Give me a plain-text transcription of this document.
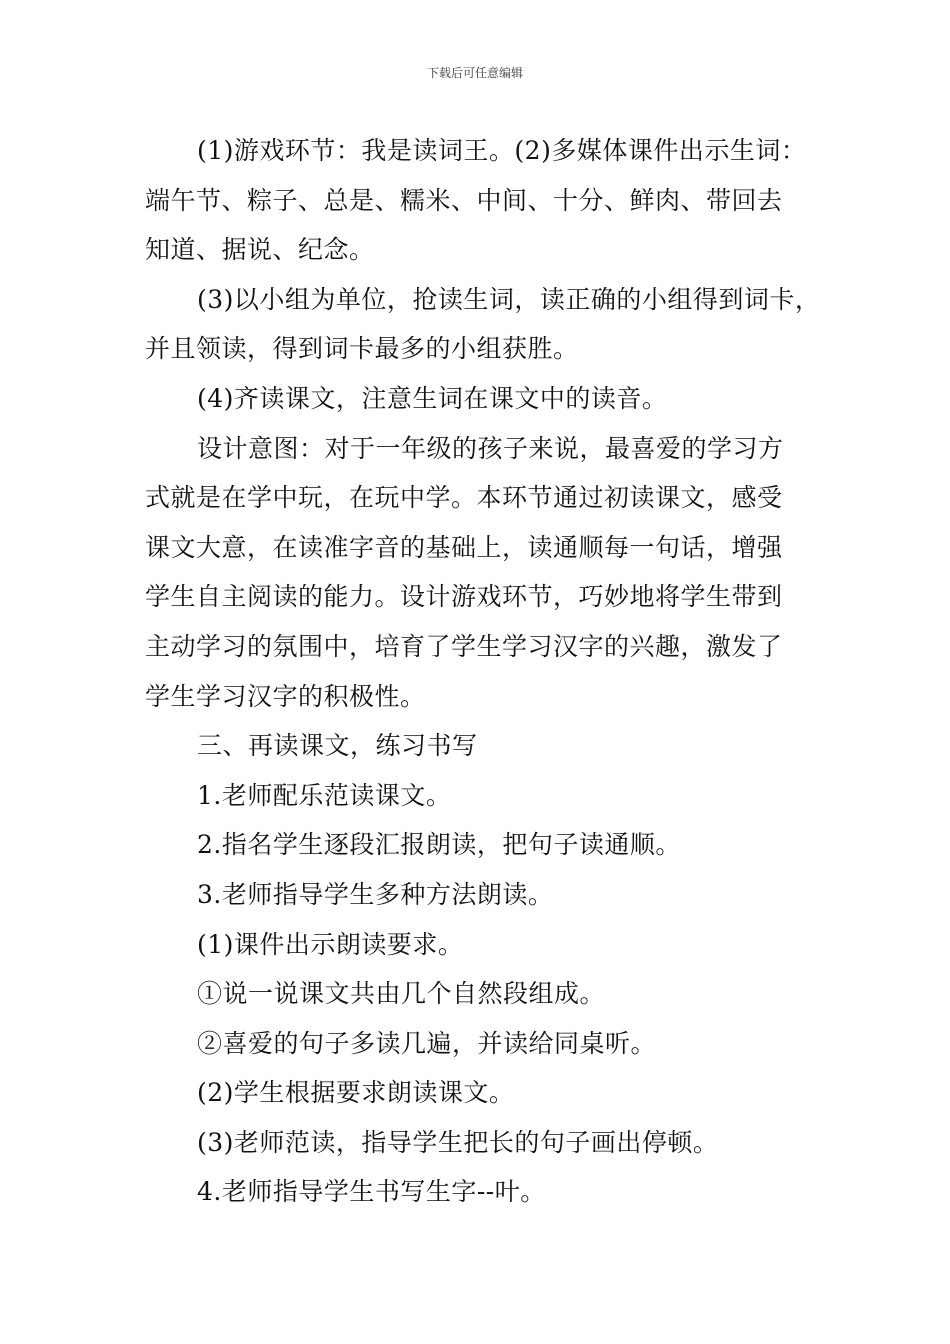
下载后可任意编辑
(1)游戏环节：我是读词王。(2)多媒体课件出示生词：
端午节、粽子、总是、糯米、中间、十分、鲜肉、带回去
知道、据说、纪念。
(3)以小组为单位，抢读生词，读正确的小组得到词卡，
并且领读，得到词卡最多的小组获胜。
(4)齐读课文，注意生词在课文中的读音。
设计意图：对于一年级的孩子来说，最喜爱的学习方
式就是在学中玩，在玩中学。本环节通过初读课文，感受
课文大意，在读准字音的基础上，读通顺每一句话，增强
学生自主阅读的能力。设计游戏环节，巧妙地将学生带到
主动学习的氛围中，培育了学生学习汉字的兴趣，激发了
学生学习汉字的积极性。
三、再读课文，练习书写
1.老师配乐范读课文。
2.指名学生逐段汇报朗读，把句子读通顺。
3.老师指导学生多种方法朗读。
(1)课件出示朗读要求。
①说一说课文共由几个自然段组成。
②喜爱的句子多读几遍，并读给同桌听。
(2)学生根据要求朗读课文。
(3)老师范读，指导学生把长的句子画出停顿。
4.老师指导学生书写生字--叶。
